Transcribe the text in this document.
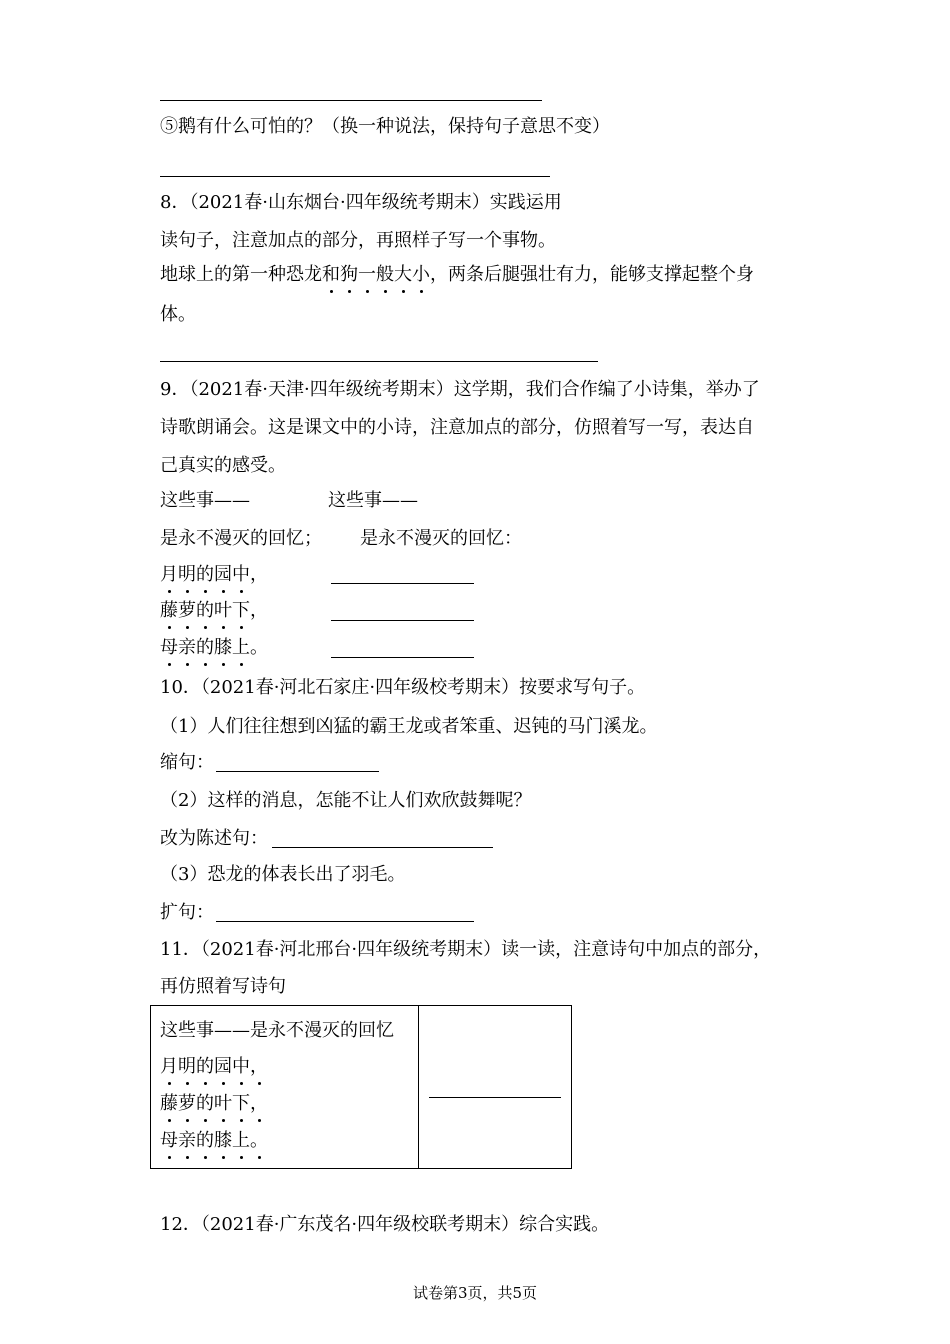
⑤鹅有什么可怕的？（换一种说法，保持句子意思不变）
8．（2021春·山东烟台·四年级统考期末）实践运用
读句子，注意加点的部分，再照样子写一个事物。
地球上的第一种恐龙和狗一般大小，两条后腿强壮有力，能够支撑起整个身
体。
9．（2021春·天津·四年级统考期末）这学期，我们合作编了小诗集，举办了
诗歌朗诵会。这是课文中的小诗，注意加点的部分，仿照着写一写，表达自
己真实的感受。
这些事——	这些事——
是永不漫灭的回忆； 是永不漫灭的回忆：
月明的园中，
藤萝的叶下，
母亲的膝上。
10．（2021春·河北石家庄·四年级校考期末）按要求写句子。
（1）人们往往想到凶猛的霸王龙或者笨重、迟钝的马门溪龙。
缩句：
（2）这样的消息，怎能不让人们欢欣鼓舞呢？
改为陈述句：
（3）恐龙的体表长出了羽毛。
扩句：
11．（2021春·河北邢台·四年级统考期末）读一读，注意诗句中加点的部分，
再仿照着写诗句
这些事——是永不漫灭的回忆
月明的园中，
藤萝的叶下，
母亲的膝上。
12．（2021春·广东茂名·四年级校联考期末）综合实践。
试卷第3页，共5页
